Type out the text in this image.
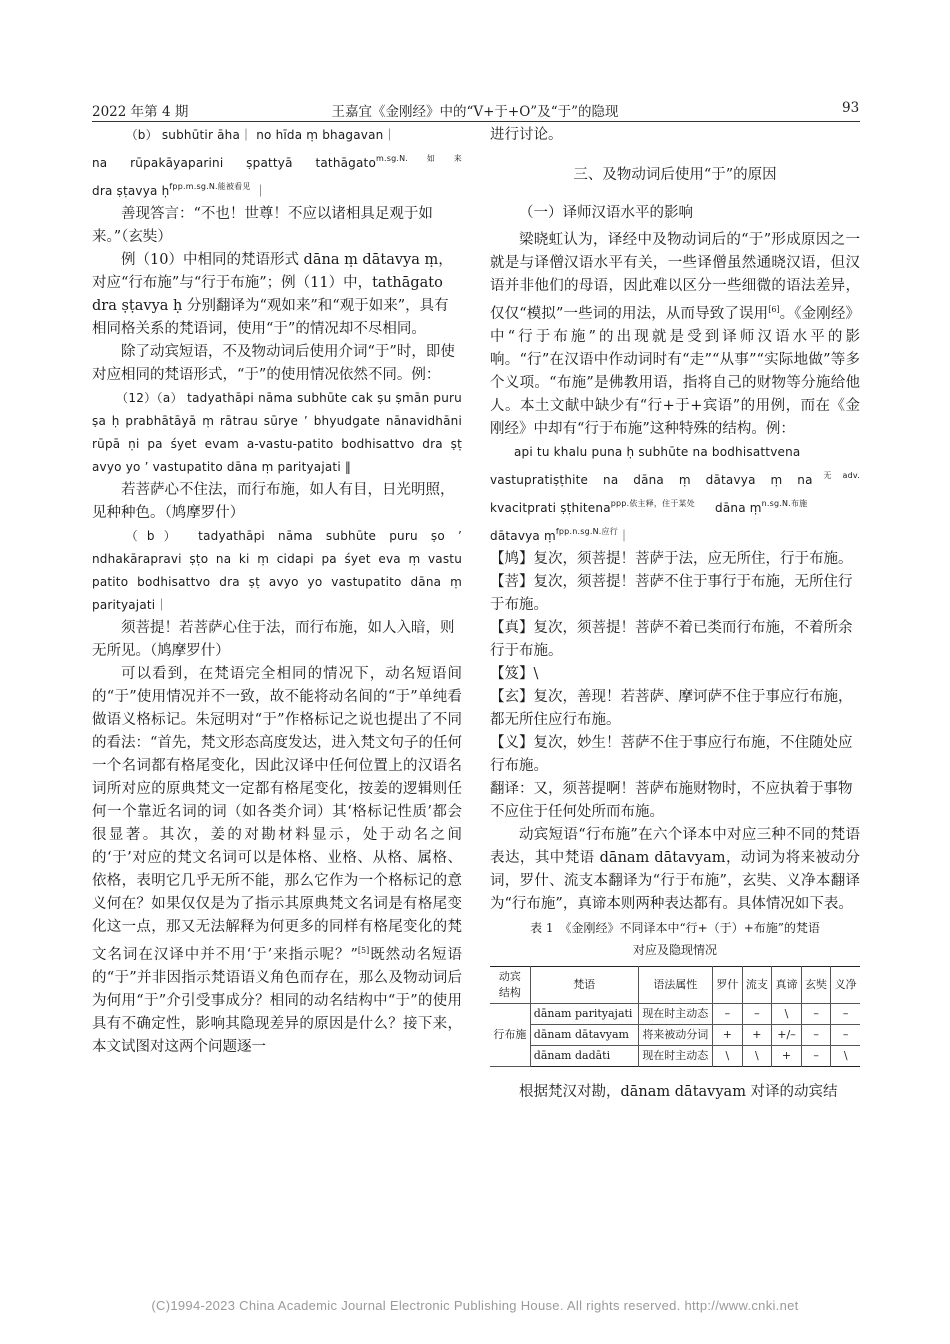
2022 年第 4 期	王嘉宜《金刚经》中的“V+于+O”及“于”的隐现	93

（b） subhūtir āha｜ no hīda ṃ bhagavan｜

na rūpakāyaparini ṣpattyā tathāgato$^{m.sg.N.如来}$

dra ṣṭavya ḥ$^{fpp.m.sg.N.能被看见}$ ｜

善现答言：“不也！世尊！不应以诸相具足观于如来。”（玄奘）

例（10）中相同的梵语形式 dāna ṃ dātavya ṃ，对应“行布施”与“行于布施”；例（11）中，tathāgato dra ṣṭavya ḥ 分别翻译为“观如来”和“观于如来”，具有相同格关系的梵语词，使用“于”的情况却不尽相同。

除了动宾短语，不及物动词后使用介词“于”时，即使对应相同的梵语形式，“于”的使用情况依然不同。例：

（12）（a） tadyathāpi nāma subhūte cak ṣu ṣmān puru ṣa ḥ prabhātāyā ṃ rātrau sūrye ’ bhyudgate nānavidhāni rūpā ṇi pa śyet evam a-vastu-patito bodhisattvo dra ṣṭ avyo yo ’ vastupatito dāna ṃ parityajati ‖

若菩萨心不住法，而行布施，如人有目，日光明照，见种种色。（鸠摩罗什）

（b） tadyathāpi nāma subhūte puru ṣo ’ ndhakārapravi ṣṭo na ki ṃ cidapi pa śyet eva ṃ vastu patito bodhisattvo dra ṣṭ avyo yo vastupatito dāna ṃ parityajati｜

须菩提！若菩萨心住于法，而行布施，如人入暗，则无所见。（鸠摩罗什）

可以看到，在梵语完全相同的情况下，动名短语间的“于”使用情况并不一致，故不能将动名间的“于”单纯看做语义格标记。朱冠明对“于”作格标记之说也提出了不同的看法：“首先，梵文形态高度发达，进入梵文句子的任何一个名词都有格尾变化，因此汉译中任何位置上的汉语名词所对应的原典梵文一定都有格尾变化，按姜的逻辑则任何一个靠近名词的词（如各类介词）其‘格标记性质’都会很显著。其次，姜的对勘材料显示，处于动名之间的‘于’对应的梵文名词可以是体格、业格、从格、属格、依格，表明它几乎无所不能，那么它作为一个格标记的意义何在？如果仅仅是为了指示其原典梵文名词是有格尾变化这一点，那又无法解释为何更多的同样有格尾变化的梵文名词在汉译中并不用‘于’来指示呢？”[5]既然动名短语的“于”并非因指示梵语语义角色而存在，那么及物动词后为何用“于”介引受事成分？相同的动名结构中“于”的使用具有不确定性，影响其隐现差异的原因是什么？接下来，本文试图对这两个问题逐一

进行讨论。

三、及物动词后使用“于”的原因

（一）译师汉语水平的影响

梁晓虹认为，译经中及物动词后的“于”形成原因之一就是与译僧汉语水平有关，一些译僧虽然通晓汉语，但汉语并非他们的母语，因此难以区分一些细微的语法差异，仅仅“模拟”一些词的用法，从而导致了误用[6]。《金刚经》中“行于布施”的出现就是受到译师汉语水平的影响。“行”在汉语中作动词时有“走”“从事”“实际地做”等多个义项。“布施”是佛教用语，指将自己的财物等分施给他人。本土文献中缺少有“行+于+宾语”的用例，而在《金刚经》中却有“行于布施”这种特殊的结构。例：

api tu khalu puna ḥ subhūte na bodhisattvena

vastupratiṣṭhite na dāna ṃ dātavya ṃ $na^{无adv.}$

kvacitprati ṣṭhitena$^{ppp.依主释,住于某处}$ dāna ṃ$^{n.sg.N.布施}$

dātavya ṃ$^{fpp.n.sg.N.应行}$｜

【鸠】复次，须菩提！菩萨于法，应无所住，行于布施。

【菩】复次，须菩提！菩萨不住于事行于布施，无所住行于布施。

【真】复次，须菩提！菩萨不着已类而行布施，不着所余行于布施。

【笈】\

【玄】复次，善现！若菩萨、摩诃萨不住于事应行布施，都无所住应行布施。

【义】复次，妙生！菩萨不住于事应行布施，不住随处应行布施。

翻译：又，须菩提啊！菩萨布施财物时，不应执着于事物不应住于任何处所而布施。

动宾短语“行布施”在六个译本中对应三种不同的梵语表达，其中梵语 dānam dātavyam，动词为将来被动分词，罗什、流支本翻译为“行于布施”，玄奘、义净本翻译为“行布施”，真谛本则两种表达都有。具体情况如下表。

表 1　《金刚经》不同译本中“行+（于）+布施”的梵语

对应及隐现情况

动宾
结构	梵语	语法属性	罗什	流支	真谛	玄奘	义净
行布施	dānam parityajati	现在时主动态	–	–	\	–	–
	dānam dātavyam	将来被动分词	+	+	+/–	–	–
	dānam dadāti	现在时主动态	\	\	+	–	\

根据梵汉对勘，dānam dātavyam 对译的动宾结

(C)1994-2023 China Academic Journal Electronic Publishing House. All rights reserved. http://www.cnki.net
